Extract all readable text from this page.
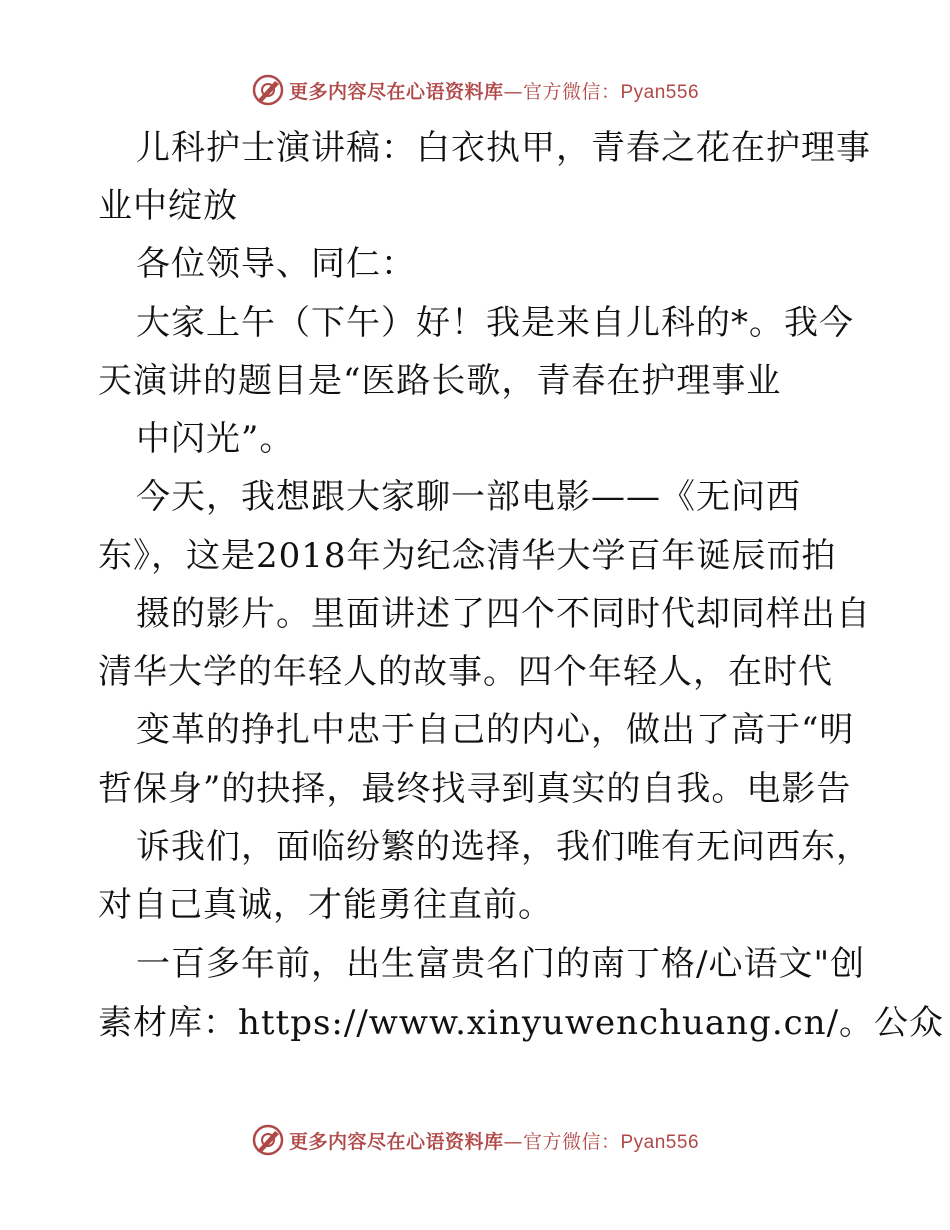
更多内容尽在心语资料库—官方微信：Pyan556
儿科护士演讲稿：白衣执甲，青春之花在护理事
业中绽放
各位领导、同仁：
大家上午（下午）好！我是来自儿科的*。我今
天演讲的题目是“医路长歌，青春在护理事业
中闪光”。
今天，我想跟大家聊一部电影——《无问西
东》，这是2018年为纪念清华大学百年诞辰而拍
摄的影片。里面讲述了四个不同时代却同样出自
清华大学的年轻人的故事。四个年轻人，在时代
变革的挣扎中忠于自己的内心，做出了高于“明
哲保身”的抉择，最终找寻到真实的自我。电影告
诉我们，面临纷繁的选择，我们唯有无问西东，
对自己真诚，才能勇往直前。
一百多年前，出生富贵名门的南丁格/心语文"创
素材库：https://www.xinyuwenchuang.cn/。公众
更多内容尽在心语资料库—官方微信：Pyan556
